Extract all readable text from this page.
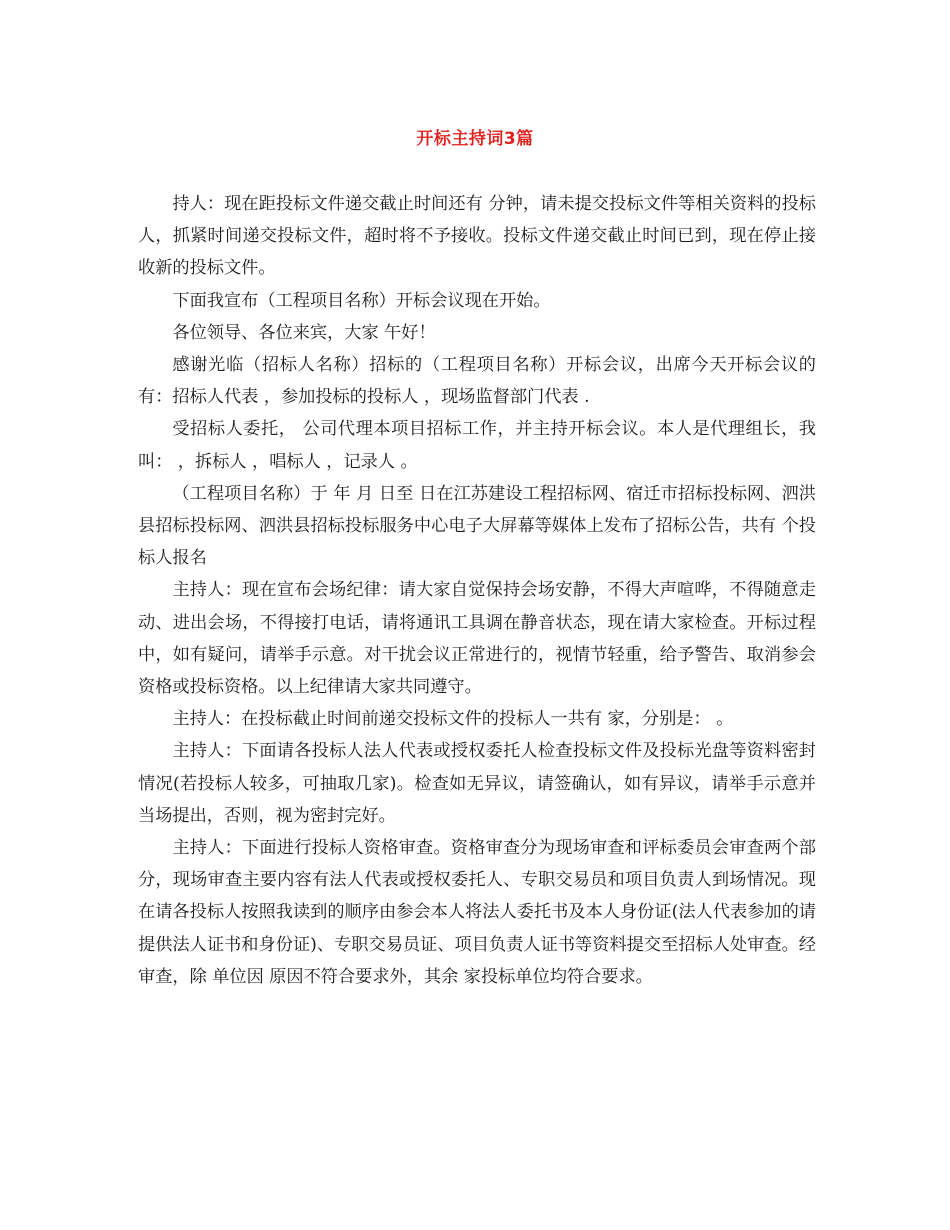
开标主持词3篇

持人：现在距投标文件递交截止时间还有 分钟，请未提交投标文件等相关资料的投标人，抓紧时间递交投标文件，超时将不予接收。投标文件递交截止时间已到，现在停止接收新的投标文件。

下面我宣布（工程项目名称）开标会议现在开始。

各位领导、各位来宾，大家 午好！

感谢光临（招标人名称）招标的（工程项目名称）开标会议，出席今天开标会议的有：招标人代表 ，参加投标的投标人 ，现场监督部门代表 .

受招标人委托， 公司代理本项目招标工作，并主持开标会议。本人是代理组长，我叫： ，拆标人 ，唱标人 ，记录人 。

（工程项目名称）于 年 月 日至 日在江苏建设工程招标网、宿迁市招标投标网、泗洪县招标投标网、泗洪县招标投标服务中心电子大屏幕等媒体上发布了招标公告，共有 个投标人报名

主持人：现在宣布会场纪律：请大家自觉保持会场安静，不得大声喧哗，不得随意走动、进出会场，不得接打电话，请将通讯工具调在静音状态，现在请大家检查。开标过程中，如有疑问，请举手示意。对干扰会议正常进行的，视情节轻重，给予警告、取消参会资格或投标资格。以上纪律请大家共同遵守。

主持人：在投标截止时间前递交投标文件的投标人一共有 家，分别是： 。

主持人：下面请各投标人法人代表或授权委托人检查投标文件及投标光盘等资料密封情况(若投标人较多，可抽取几家)。检查如无异议，请签确认，如有异议，请举手示意并当场提出，否则，视为密封完好。

主持人：下面进行投标人资格审查。资格审查分为现场审查和评标委员会审查两个部分，现场审查主要内容有法人代表或授权委托人、专职交易员和项目负责人到场情况。现在请各投标人按照我读到的顺序由参会本人将法人委托书及本人身份证(法人代表参加的请提供法人证书和身份证)、专职交易员证、项目负责人证书等资料提交至招标人处审查。经审查，除 单位因 原因不符合要求外，其余 家投标单位均符合要求。
